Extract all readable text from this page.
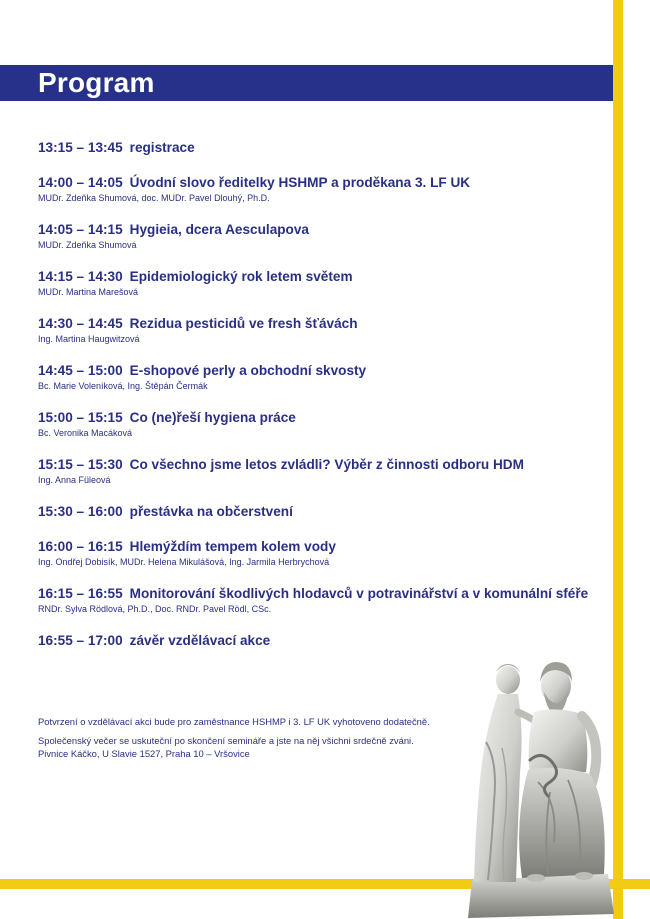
Program
13:15 – 13:45 registrace
14:00 – 14:05 Úvodní slovo ředitelky HSHMP a proděkana 3. LF UK
MUDr. Zdeňka Shumová, doc. MUDr. Pavel Dlouhý, Ph.D.
14:05 – 14:15 Hygieia, dcera Aesculapova
MUDr. Zdeňka Shumová
14:15 – 14:30 Epidemiologický rok letem světem
MUDr. Martina Marešová
14:30 – 14:45 Rezidua pesticidů ve fresh šťávách
Ing. Martina Haugwitzová
14:45 – 15:00 E-shopové perly a obchodní skvosty
Bc. Marie Voleníková, Ing. Štěpán Čermák
15:00 – 15:15 Co (ne)řeší hygiena práce
Bc. Veronika Macáková
15:15 – 15:30 Co všechno jsme letos zvládli? Výběr z činnosti odboru HDM
Ing. Anna Füleová
15:30 – 16:00 přestávka na občerstvení
16:00 – 16:15 Hlemýždím tempem kolem vody
Ing. Ondřej Dobisík, MUDr. Helena Mikulášová, Ing. Jarmila Herbrychová
16:15 – 16:55 Monitorování škodlivých hlodavců v potravinářství a v komunální sféře
RNDr. Sylva Rödlová, Ph.D., Doc. RNDr. Pavel Rödl, CSc.
16:55 – 17:00 závěr vzdělávací akce

Potvrzení o vzdělávací akci bude pro zaměstnance HSHMP i 3. LF UK vyhotoveno dodatečně.

Společenský večer se uskuteční po skončení semináře a jste na něj všichni srdečně zváni.

Pivnice Káčko, U Slavie 1527, Praha 10 – Vršovice
